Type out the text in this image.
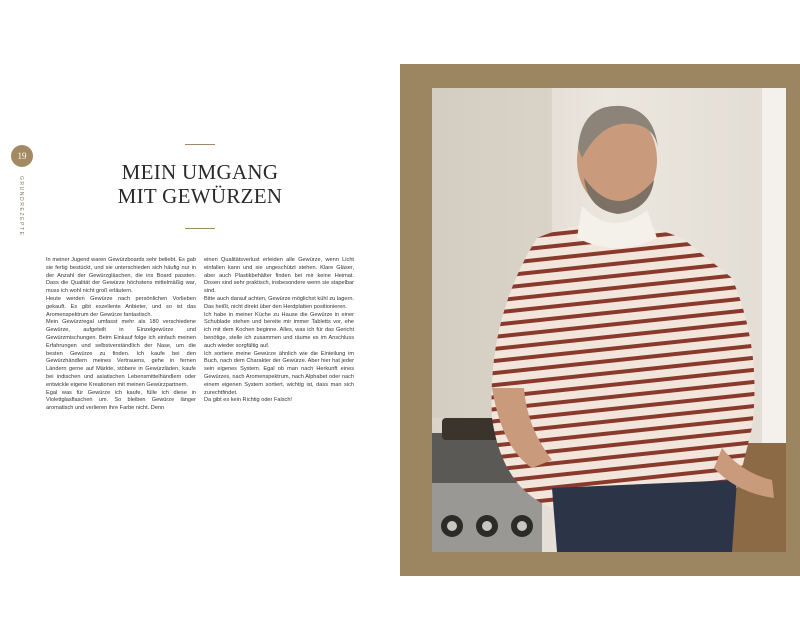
19
GRUNDREZEPTE
MEIN UMGANG
MIT GEWÜRZEN

In meiner Jugend waren Gewürzboards sehr beliebt. Es gab sie fertig bestückt, und sie unterschieden sich häufig nur in der Anzahl der Gewürzgläschen, die ins Board passten. Dass die Qualität der Gewürze höchstens mittelmäßig war, muss ich wohl nicht groß erläutern.

Heute werden Gewürze nach persönlichen Vorlieben gekauft. Es gibt exzellente Anbieter, und so ist das Aromenspektrum der Gewürze fantastisch.

Mein Gewürzregal umfasst mehr als 180 verschiedene Gewürze, aufgeteilt in Einzelgewürze und Gewürzmischungen. Beim Einkauf folge ich einfach meinen Erfahrungen und selbstverständlich der Nase, um die besten Gewürze zu finden. Ich kaufe bei den Gewürzhändlern meines Vertrauens, gehe in fernen Ländern gerne auf Märkte, stöbere in Gewürzläden, kaufe bei indischen und asiatischen Lebensmittelhändlern oder entwickle eigene Kreationen mit meinen Gewürzpartnern.

Egal was für Gewürze ich kaufe, fülle ich diese in Violettglasflaschen um. So bleiben Gewürze länger aromatisch und verlieren ihre Farbe nicht. Denn

einen Qualitätsverlust erleiden alle Gewürze, wenn Licht einfallen kann und sie ungeschützt stehen. Klare Gläser, aber auch Plastikbehälter finden bei mir keine Heimat. Dosen sind sehr praktisch, insbesondere wenn sie stapelbar sind.

Bitte auch darauf achten, Gewürze möglichst kühl zu lagern. Das heißt, nicht direkt über den Herdplatten positionieren.

Ich habe in meiner Küche zu Hause die Gewürze in einer Schublade stehen und bereite mir immer Tabletts vor, ehe ich mit dem Kochen beginne. Alles, was ich für das Gericht benötige, stelle ich zusammen und räume es im Anschluss auch wieder sorgfältig auf.

Ich sortiere meine Gewürze ähnlich wie die Einteilung im Buch, nach dem Charakter der Gewürze. Aber hier hat jeder sein eigenes System. Egal ob man nach Herkunft eines Gewürzes, nach Aromenspektrum, nach Alphabet oder nach einem eigenen System sortiert, wichtig ist, dass man sich zurechtfindet.

Da gibt es kein Richtig oder Falsch!
